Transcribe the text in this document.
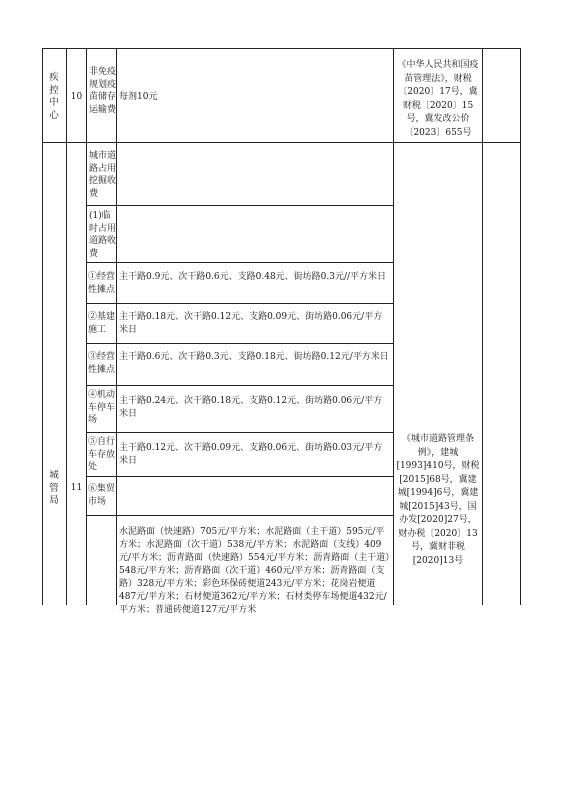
疾控中心
10
非免疫规划疫苗储存运输费
每剂10元
《中华人民共和国疫苗管理法》，财税〔2020〕17号，冀财税〔2020〕15号，冀发改公价〔2023〕655号
城管局
11
《城市道路管理条例》，建城[1993]410号，财税[2015]68号，冀建城[1994]6号，冀建城[2015]43号，国办发[2020]27号，财办税〔2020〕13号，冀财非税[2020]13号
城市道路占用挖掘收费
(1)临时占用道路收费
①经营性摊点
主干路0.9元、次干路0.6元、支路0.48元、街坊路0.3元//平方米日
②基建施工
主干路0.18元、次干路0.12元、支路0.09元、街坊路0.06元/平方米日
③经营性摊点
主干路0.6元、次干路0.3元、支路0.18元、街坊路0.12元/平方米日
④机动车停车场
主干路0.24元、次干路0.18元、支路0.12元、街坊路0.06元/平方米日
⑤自行车存放处
主干路0.12元、次干路0.09元、支路0.06元、街坊路0.03元/平方米日
⑥集贸市场
水泥路面（快速路）705元/平方米；水泥路面（主干道）595元/平方米；水泥路面（次干道）538元/平方米；水泥路面（支线）409元/平方米；沥青路面（快速路）554元/平方米；沥青路面（主干道）548元/平方米；沥青路面（次干道）460元/平方米；沥青路面（支路）328元/平方米；彩色环保砖便道243元/平方米；花岗岩便道487元/平方米；石材便道362元/平方米；石材类停车场便道432元/平方米；普通砖便道127元/平方米
